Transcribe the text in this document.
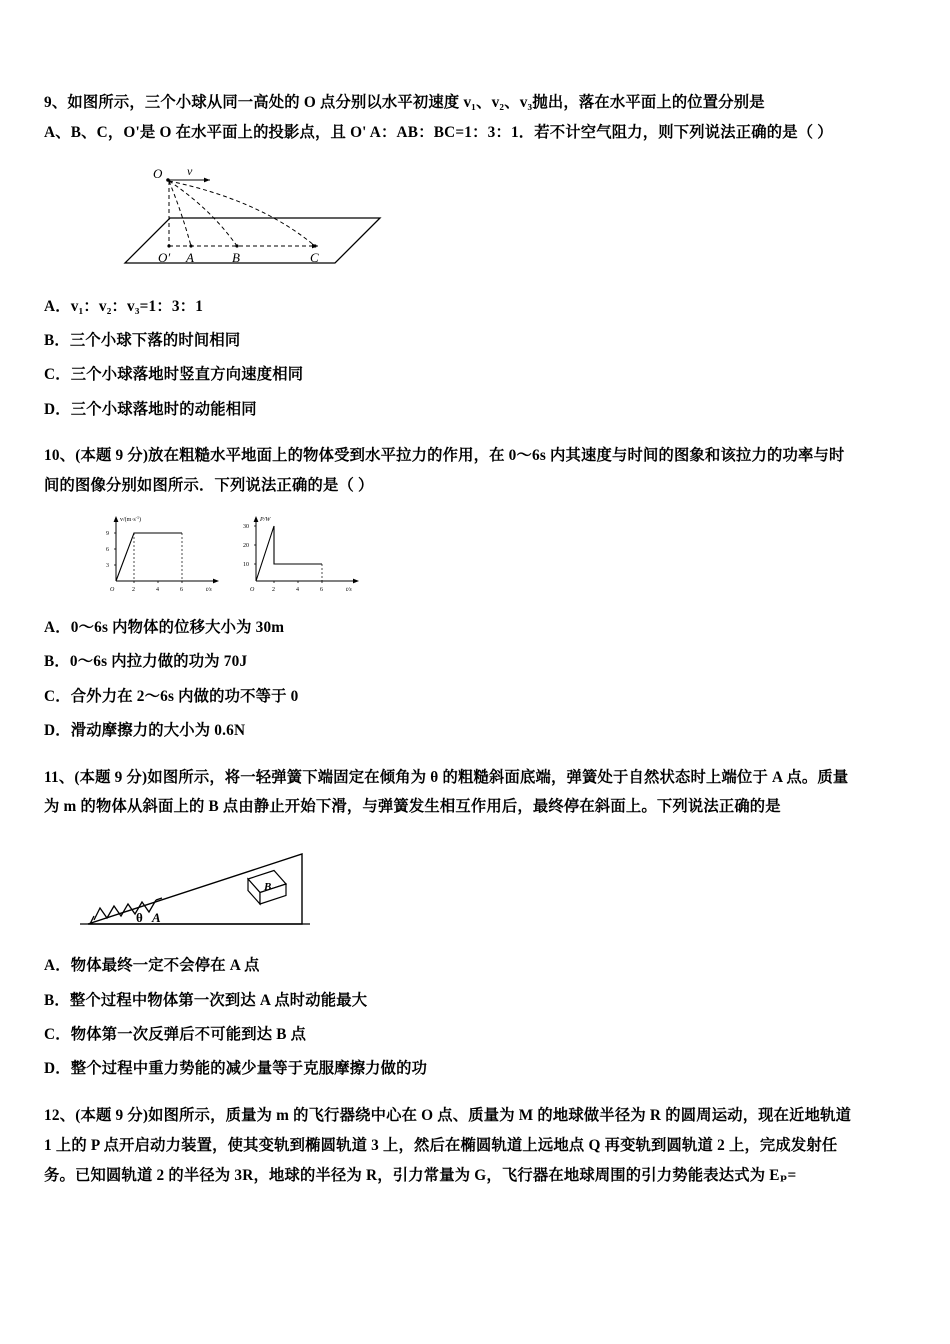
9、如图所示，三个小球从同一高处的 O 点分别以水平初速度 v₁、v₂、v₃抛出，落在水平面上的位置分别是
A、B、C，O'是 O 在水平面上的投影点，且 O' A：AB：BC=1：3：1．若不计空气阻力，则下列说法正确的是（ ）
O v
O′ A	B	C
A．v₁：v₂：v₃=1：3：1
B．三个小球下落的时间相同
C．三个小球落地时竖直方向速度相同
D．三个小球落地时的动能相同
10、(本题 9 分)放在粗糙水平地面上的物体受到水平拉力的作用，在 0～6s 内其速度与时间的图象和该拉力的功率与时
间的图像分别如图所示．下列说法正确的是（ ）
$v/(m\cdot s^{-1})$
t/s
9
6
3
O	2	4	6
P/W
t/s
30
20
10
O	2	4	6
A．0～6s 内物体的位移大小为 30m
B．0～6s 内拉力做的功为 70J
C．合外力在 2～6s 内做的功不等于 0
D．滑动摩擦力的大小为 0.6N
11、(本题 9 分)如图所示，将一轻弹簧下端固定在倾角为 θ 的粗糙斜面底端，弹簧处于自然状态时上端位于 A 点。质量
为 m 的物体从斜面上的 B 点由静止开始下滑，与弹簧发生相互作用后，最终停在斜面上。下列说法正确的是
B
θ A
A．物体最终一定不会停在 A 点
B．整个过程中物体第一次到达 A 点时动能最大
C．物体第一次反弹后不可能到达 B 点
D．整个过程中重力势能的减少量等于克服摩擦力做的功
12、(本题 9 分)如图所示，质量为 m 的飞行器绕中心在 O 点、质量为 M 的地球做半径为 R 的圆周运动，现在近地轨道
1 上的 P 点开启动力装置，使其变轨到椭圆轨道 3 上，然后在椭圆轨道上远地点 Q 再变轨到圆轨道 2 上，完成发射任
务。已知圆轨道 2 的半径为 3R，地球的半径为 R，引力常量为 G，飞行器在地球周围的引力势能表达式为 Eₚ=
